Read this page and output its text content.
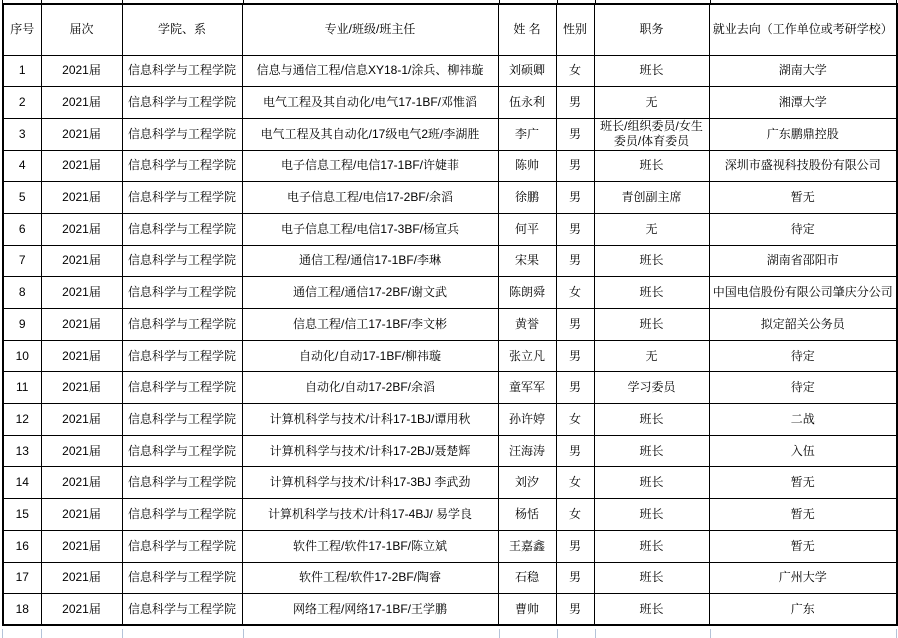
序号	届次	学院、系	专业/班级/班主任	姓 名	性别	职务	就业去向（工作单位或考研学校）
1	2021届	信息科学与工程学院	信息与通信工程/信息XY18-1/涂兵、柳祎璇	刘硕卿	女	班长	湖南大学
2	2021届	信息科学与工程学院	电气工程及其自动化/电气17-1BF/邓惟滔	伍永利	男	无	湘潭大学
3	2021届	信息科学与工程学院	电气工程及其自动化/17级电气2班/李湖胜	李广	男	班长/组织委员/女生委员/体育委员	广东鹏鼎控股
4	2021届	信息科学与工程学院	电子信息工程/电信17-1BF/许婕菲	陈帅	男	班长	深圳市盛视科技股份有限公司
5	2021届	信息科学与工程学院	电子信息工程/电信17-2BF/余滔	徐鹏	男	青创副主席	暂无
6	2021届	信息科学与工程学院	电子信息工程/电信17-3BF/杨宣兵	何平	男	无	待定
7	2021届	信息科学与工程学院	通信工程/通信17-1BF/李琳	宋果	男	班长	湖南省邵阳市
8	2021届	信息科学与工程学院	通信工程/通信17-2BF/谢文武	陈朗舜	女	班长	中国电信股份有限公司肇庆分公司
9	2021届	信息科学与工程学院	信息工程/信工17-1BF/李文彬	黄誉	男	班长	拟定韶关公务员
10	2021届	信息科学与工程学院	自动化/自动17-1BF/柳祎璇	张立凡	男	无	待定
11	2021届	信息科学与工程学院	自动化/自动17-2BF/余滔	童军军	男	学习委员	待定
12	2021届	信息科学与工程学院	计算机科学与技术/计科17-1BJ/谭用秋	孙许婷	女	班长	二战
13	2021届	信息科学与工程学院	计算机科学与技术/计科17-2BJ/聂楚辉	汪海涛	男	班长	入伍
14	2021届	信息科学与工程学院	计算机科学与技术/计科17-3BJ 李武劲	刘汐	女	班长	暂无
15	2021届	信息科学与工程学院	计算机科学与技术/计科17-4BJ/ 易学良	杨恬	女	班长	暂无
16	2021届	信息科学与工程学院	软件工程/软件17-1BF/陈立斌	王嘉鑫	男	班长	暂无
17	2021届	信息科学与工程学院	软件工程/软件17-2BF/陶睿	石稳	男	班长	广州大学
18	2021届	信息科学与工程学院	网络工程/网络17-1BF/王学鹏	曹帅	男	班长	广东
